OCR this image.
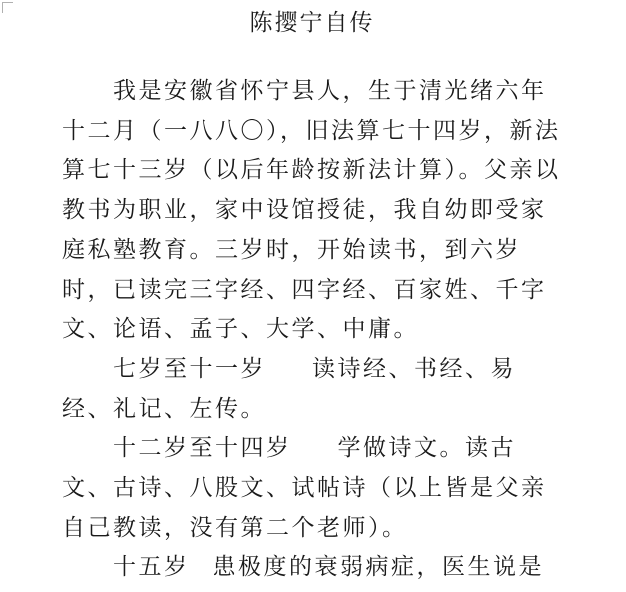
陈撄宁自传

我是安徽省怀宁县人，生于清光绪六年十二月（一八八〇），旧法算七十四岁，新法算七十三岁（以后年龄按新法计算）。父亲以教书为职业，家中设馆授徒，我自幼即受家庭私塾教育。三岁时，开始读书，到六岁时，已读完三字经、四字经、百家姓、千字文、论语、孟子、大学、中庸。

七岁至十一岁 读诗经、书经、易经、礼记、左传。

十二岁至十四岁 学做诗文。读古文、古诗、八股文、试帖诗（以上皆是父亲自己教读，没有第二个老师）。

十五岁 患极度的衰弱病症，医生说是
